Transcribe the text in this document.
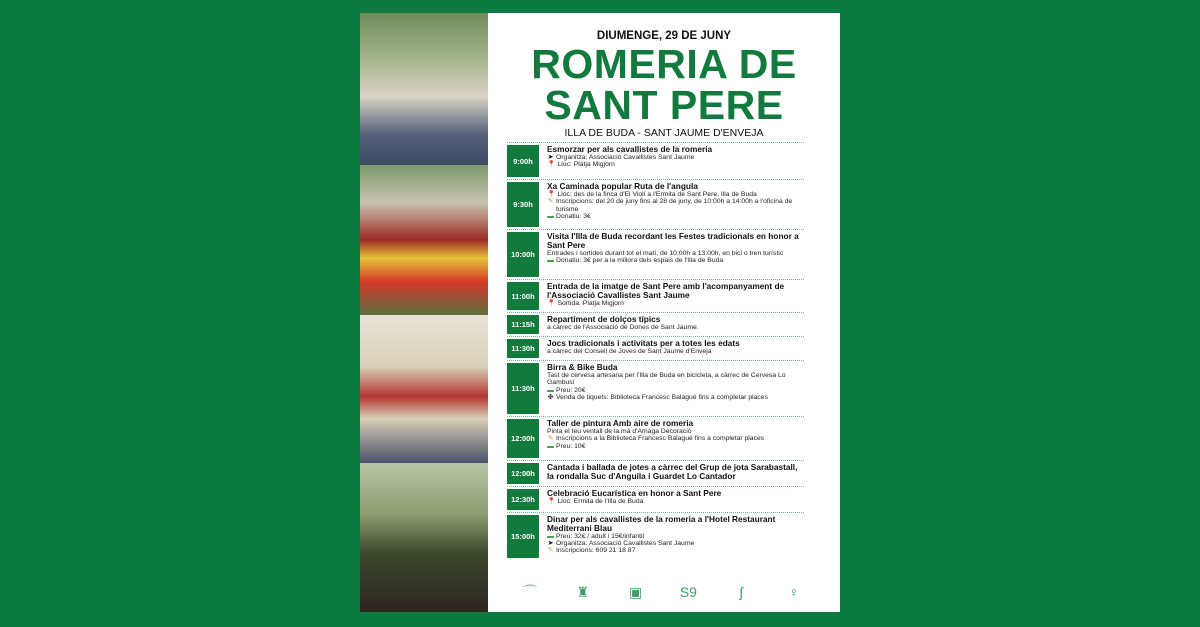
DIUMENGE, 29 DE JUNY
ROMERIA DE
SANT PERE
ILLA DE BUDA - SANT JAUME D'ENVEJA
9:00h
Esmorzar per als cavallistes de la romeria
➤ Organitza: Associació Cavallistes Sant Jaume
📍 Lloc: Platja Migjorn
9:30h
Xa Caminada popular Ruta de l'angula
📍 Lloc: des de la finca d'El Violí a l'Ermita de Sant Pere, Illa de Buda
✎ Inscripcions: del 20 de juny fins al 28 de juny, de 10:00h a 14:00h a l'oficina de turisme
▬ Donatiu: 3€
10:00h
Visita l'Illa de Buda recordant les Festes tradicionals en honor a Sant Pere
Entrades i sortides durant tot el matí, de 10:00h a 13:00h, en bici o tren turístic
▬ Donatiu: 3€ per a la millora dels espais de l'Illa de Buda
11:00h
Entrada de la imatge de Sant Pere amb l'acompanyament de l'Associació Cavallistes Sant Jaume
📍 Sortida: Platja Migjorn
11:15h
Repartiment de dolços típics
a càrrec de l'Associació de Dones de Sant Jaume.
11:30h
Jocs tradicionals i activitats per a totes les edats
a càrrec del Consell de Joves de Sant Jaume d'Enveja
11:30h
Birra & Bike Buda
Tast de cervesa artesana per l'Illa de Buda en bicicleta, a càrrec de Cervesa Lo Gambusí
▬ Preu: 20€
✤ Venda de tiquets: Biblioteca Francesc Balagué fins a completar places
12:00h
Taller de pintura Amb aire de romeria
Pinta el teu ventall de la mà d'Amaga Decoració
✎ Inscripcions a la Biblioteca Francesc Balagué fins a completar places
▬ Preu: 10€
12:00h
Cantada i ballada de jotes a càrrec del Grup de jota Sarabastall, la rondalla Suc d'Anguila i Guardet Lo Cantador
12:30h
Celebració Eucarística en honor a Sant Pere
📍 Lloc: Ermita de l'Illa de Buda
15:00h
Dinar per als cavallistes de la romeria a l'Hotel Restaurant Mediterrani Blau
▬ Preu: 32€ / adult i 15€/infantil
➤ Organitza: Associació Cavallistes Sant Jaume
✎ Inscripcions: 609 21 18 87
⌒	♜	▣	S9	ʃ	♀
